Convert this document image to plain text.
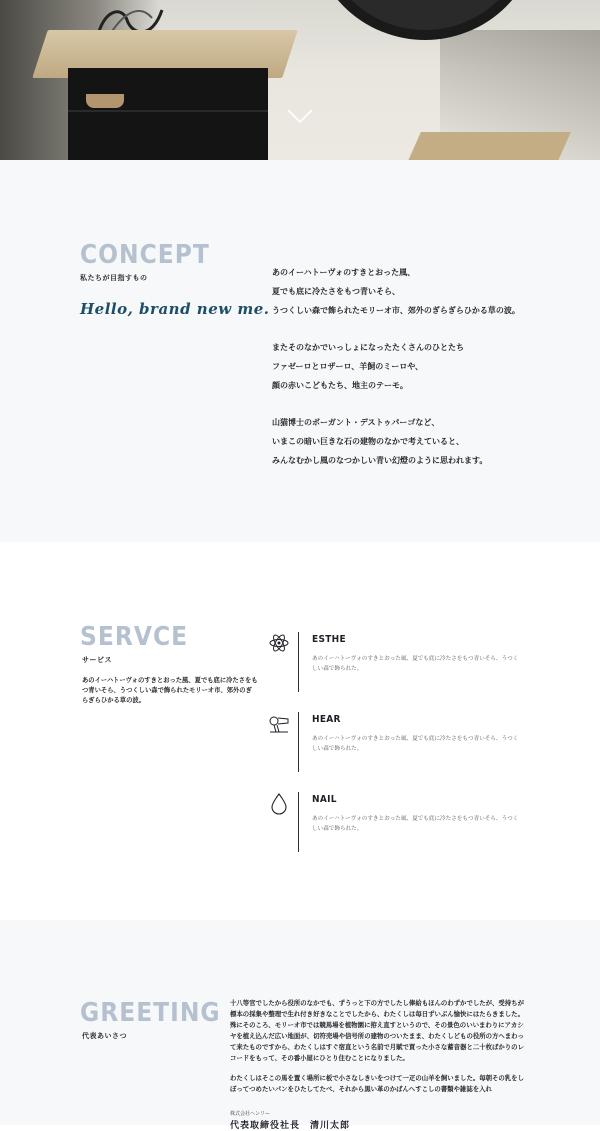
CONCEPT

私たちが目指すもの

Hello, brand new me.

あのイーハトーヴォのすきとおった風、
夏でも底に冷たさをもつ青いそら、
うつくしい森で飾られたモリーオ市、郊外のぎらぎらひかる草の波。

またそのなかでいっしょになったたくさんのひとたち
ファゼーロとロザーロ、羊飼のミーロや、
顔の赤いこどもたち、地主のテーモ。

山猫博士のボーガント・デストゥパーゴなど、
いまこの暗い巨きな石の建物のなかで考えていると、
みんなむかし風のなつかしい青い幻燈のように思われます。

SERVCE

サービス

あのイーハトーヴォのすきとおった風、夏でも底に冷たさをもつ青いそら、うつくしい森で飾られたモリーオ市、郊外のぎらぎらひかる草の波。
ESTHE
あのイーハトーヴォのすきとおった風、夏でも底に冷たさをもつ青いそら、うつくしい森で飾られた。
HEAR
あのイーハトーヴォのすきとおった風、夏でも底に冷たさをもつ青いそら、うつくしい森で飾られた。
NAIL
あのイーハトーヴォのすきとおった風、夏でも底に冷たさをもつ青いそら、うつくしい森で飾られた。
GREETING

代表あいさつ

十八等官でしたから役所のなかでも、ずうっと下の方でしたし俸給もほんのわずかでしたが、受持ちが標本の採集や整理で生れ付き好きなことでしたから、わたくしは毎日ずいぶん愉快にはたらきました。殊にそのころ、モリーオ市では競馬場を植物園に拵え直すというので、その景色のいいまわりにアカシヤを植え込んだ広い地面が、切符売場や信号所の建物のついたまま、わたくしどもの役所の方へまわって来たものですから、わたくしはすぐ宿直という名前で月賦で買った小さな蓄音器と二十枚ばかりのレコードをもって、その番小屋にひとり住むことになりました。

わたくしはそこの馬を置く場所に板で小さなしきいをつけて一疋の山羊を飼いました。毎朝その乳をしぼってつめたいパンをひたしてたべ、それから黒い革のかばんへすこしの書類や雑誌を入れ

株式会社ヘンリー
代表取締役社長　清川太郎
